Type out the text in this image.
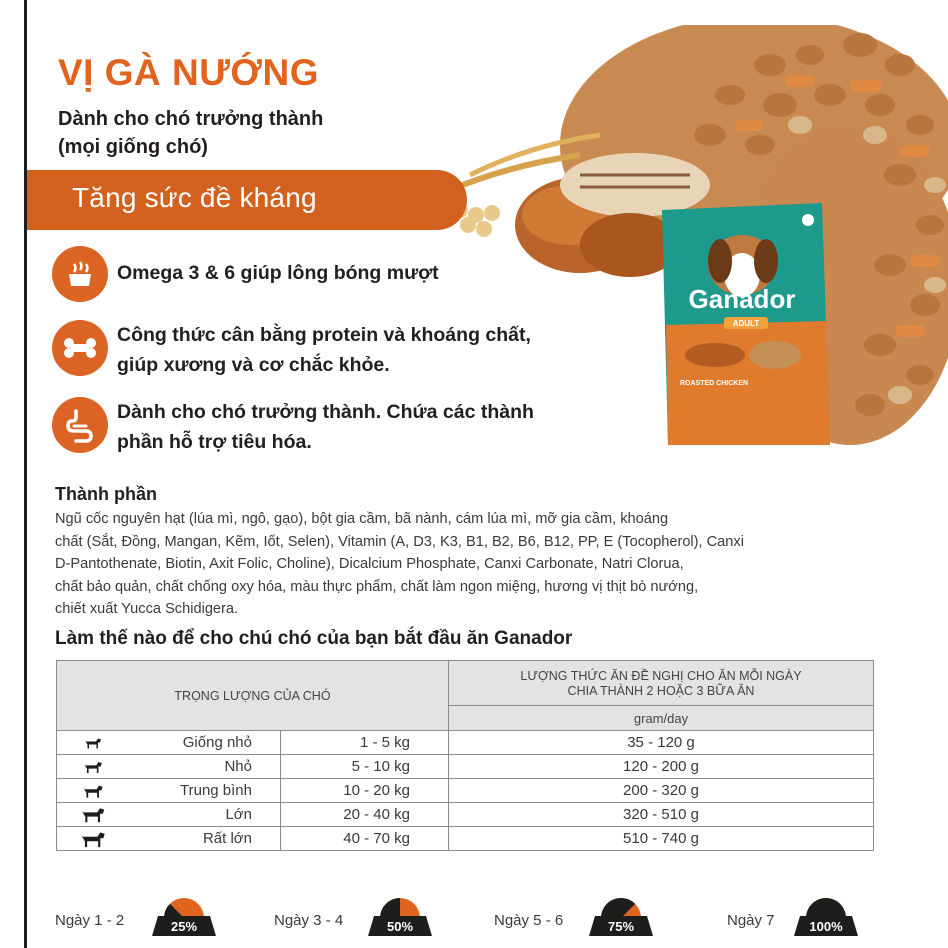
VỊ GÀ NƯỚNG
Dành cho chó trưởng thành
(mọi giống chó)
Ganador
ADULT
ROASTED CHICKEN
Tăng sức đề kháng
Omega 3 & 6 giúp lông bóng mượt
Công thức cân bằng protein và khoáng chất,
giúp xương và cơ chắc khỏe.
Dành cho chó trưởng thành. Chứa các thành
phần hỗ trợ tiêu hóa.
Thành phần
Ngũ cốc nguyên hạt (lúa mì, ngô, gạo), bột gia cầm, bã nành, cám lúa mì, mỡ gia cầm, khoáng
chất (Sắt, Đồng, Mangan, Kẽm, Iốt, Selen), Vitamin (A, D3, K3, B1, B2, B6, B12, PP, E (Tocopherol), Canxi
D-Pantothenate, Biotin, Axit Folic, Choline), Dicalcium Phosphate, Canxi Carbonate, Natri Clorua,
chất bảo quản, chất chống oxy hóa, màu thực phẩm, chất làm ngon miệng, hương vị thịt bò nướng,
chiết xuất Yucca Schidigera.
Làm thế nào để cho chú chó của bạn bắt đầu ăn Ganador
TRỌNG LƯỢNG CỦA CHÓ			LƯỢNG THỨC ĂN ĐỀ NGHỊ CHO ĂN MỖI NGÀY
CHIA THÀNH 2 HOẶC 3 BỮA ĂN

			gram/day
	Giống nhỏ	1 - 5 kg	35 - 120 g
	Nhỏ	5 - 10 kg	120 - 200 g
	Trung bình	10 - 20 kg	200 - 320 g
	Lớn	20 - 40 kg	320 - 510 g
	Rất lớn	40 - 70 kg	510 - 740 g
Ngày 1 - 2	25%	Ngày 3 - 4	50%	Ngày 5 - 6	75%	Ngày 7	100%
